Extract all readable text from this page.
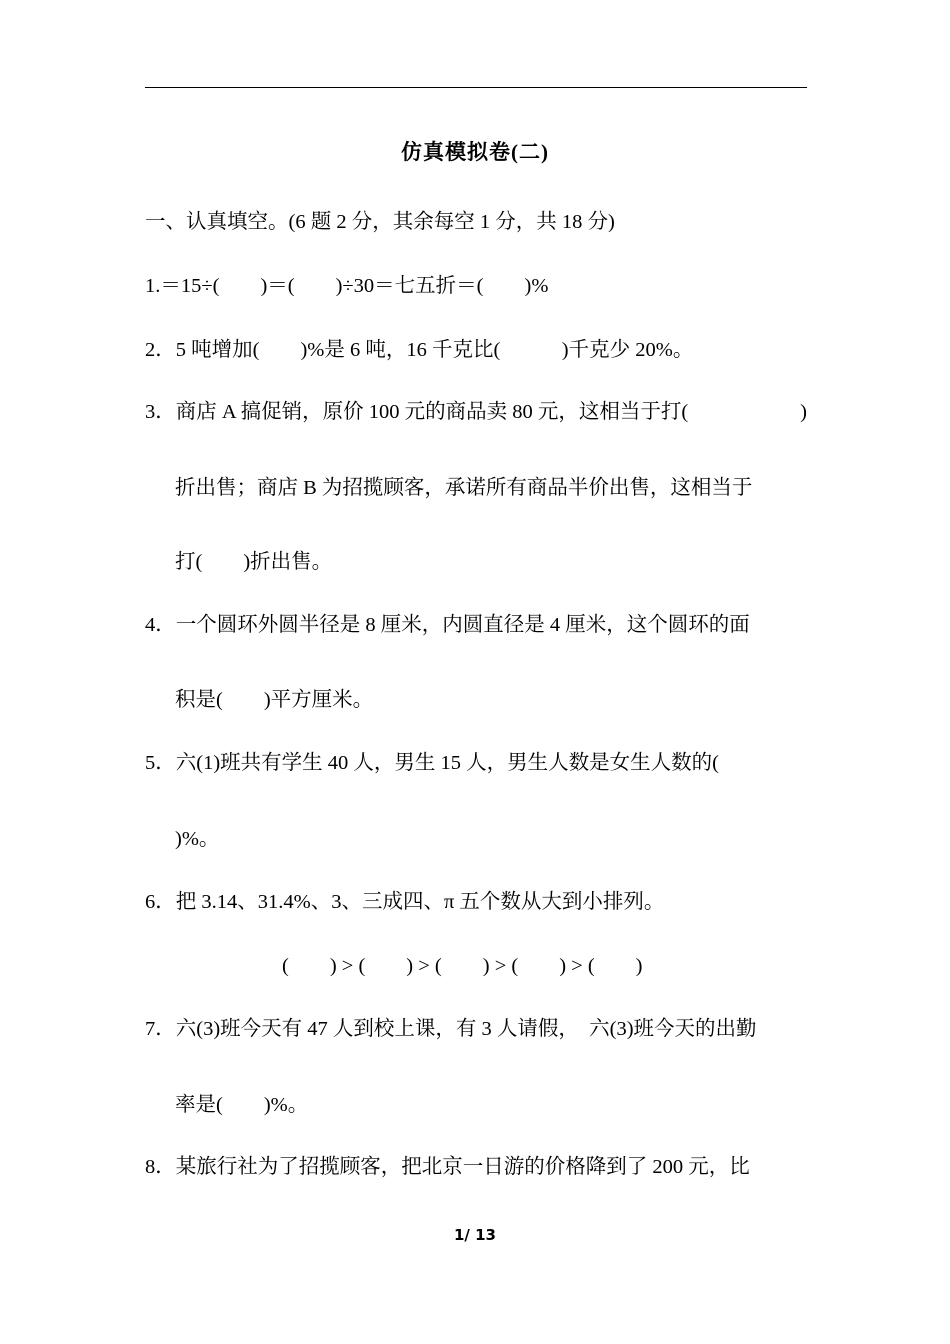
仿真模拟卷(二)
一、认真填空。(6 题 2 分，其余每空 1 分，共 18 分)
1.＝15÷(　　)＝(　　)÷30＝七五折＝(　　)%
2．5 吨增加(　　)%是 6 吨，16 千克比(　　　)千克少 20%。
3．商店 A 搞促销，原价 100 元的商品卖 80 元，这相当于打(	)
折出售；商店 B 为招揽顾客，承诺所有商品半价出售，这相当于
打(　　)折出售。
4．一个圆环外圆半径是 8 厘米，内圆直径是 4 厘米，这个圆环的面
积是(　　)平方厘米。
5．六(1)班共有学生 40 人，男生 15 人，男生人数是女生人数的(
)%。
6．把 3.14、31.4%、3、三成四、π 五个数从大到小排列。
(　　) > (　　) > (　　) > (　　) > (　　)
7．六(3)班今天有 47 人到校上课，有 3 人请假，　六(3)班今天的出勤
率是(　　)%。
8．某旅行社为了招揽顾客，把北京一日游的价格降到了 200 元，比
1/ 13
